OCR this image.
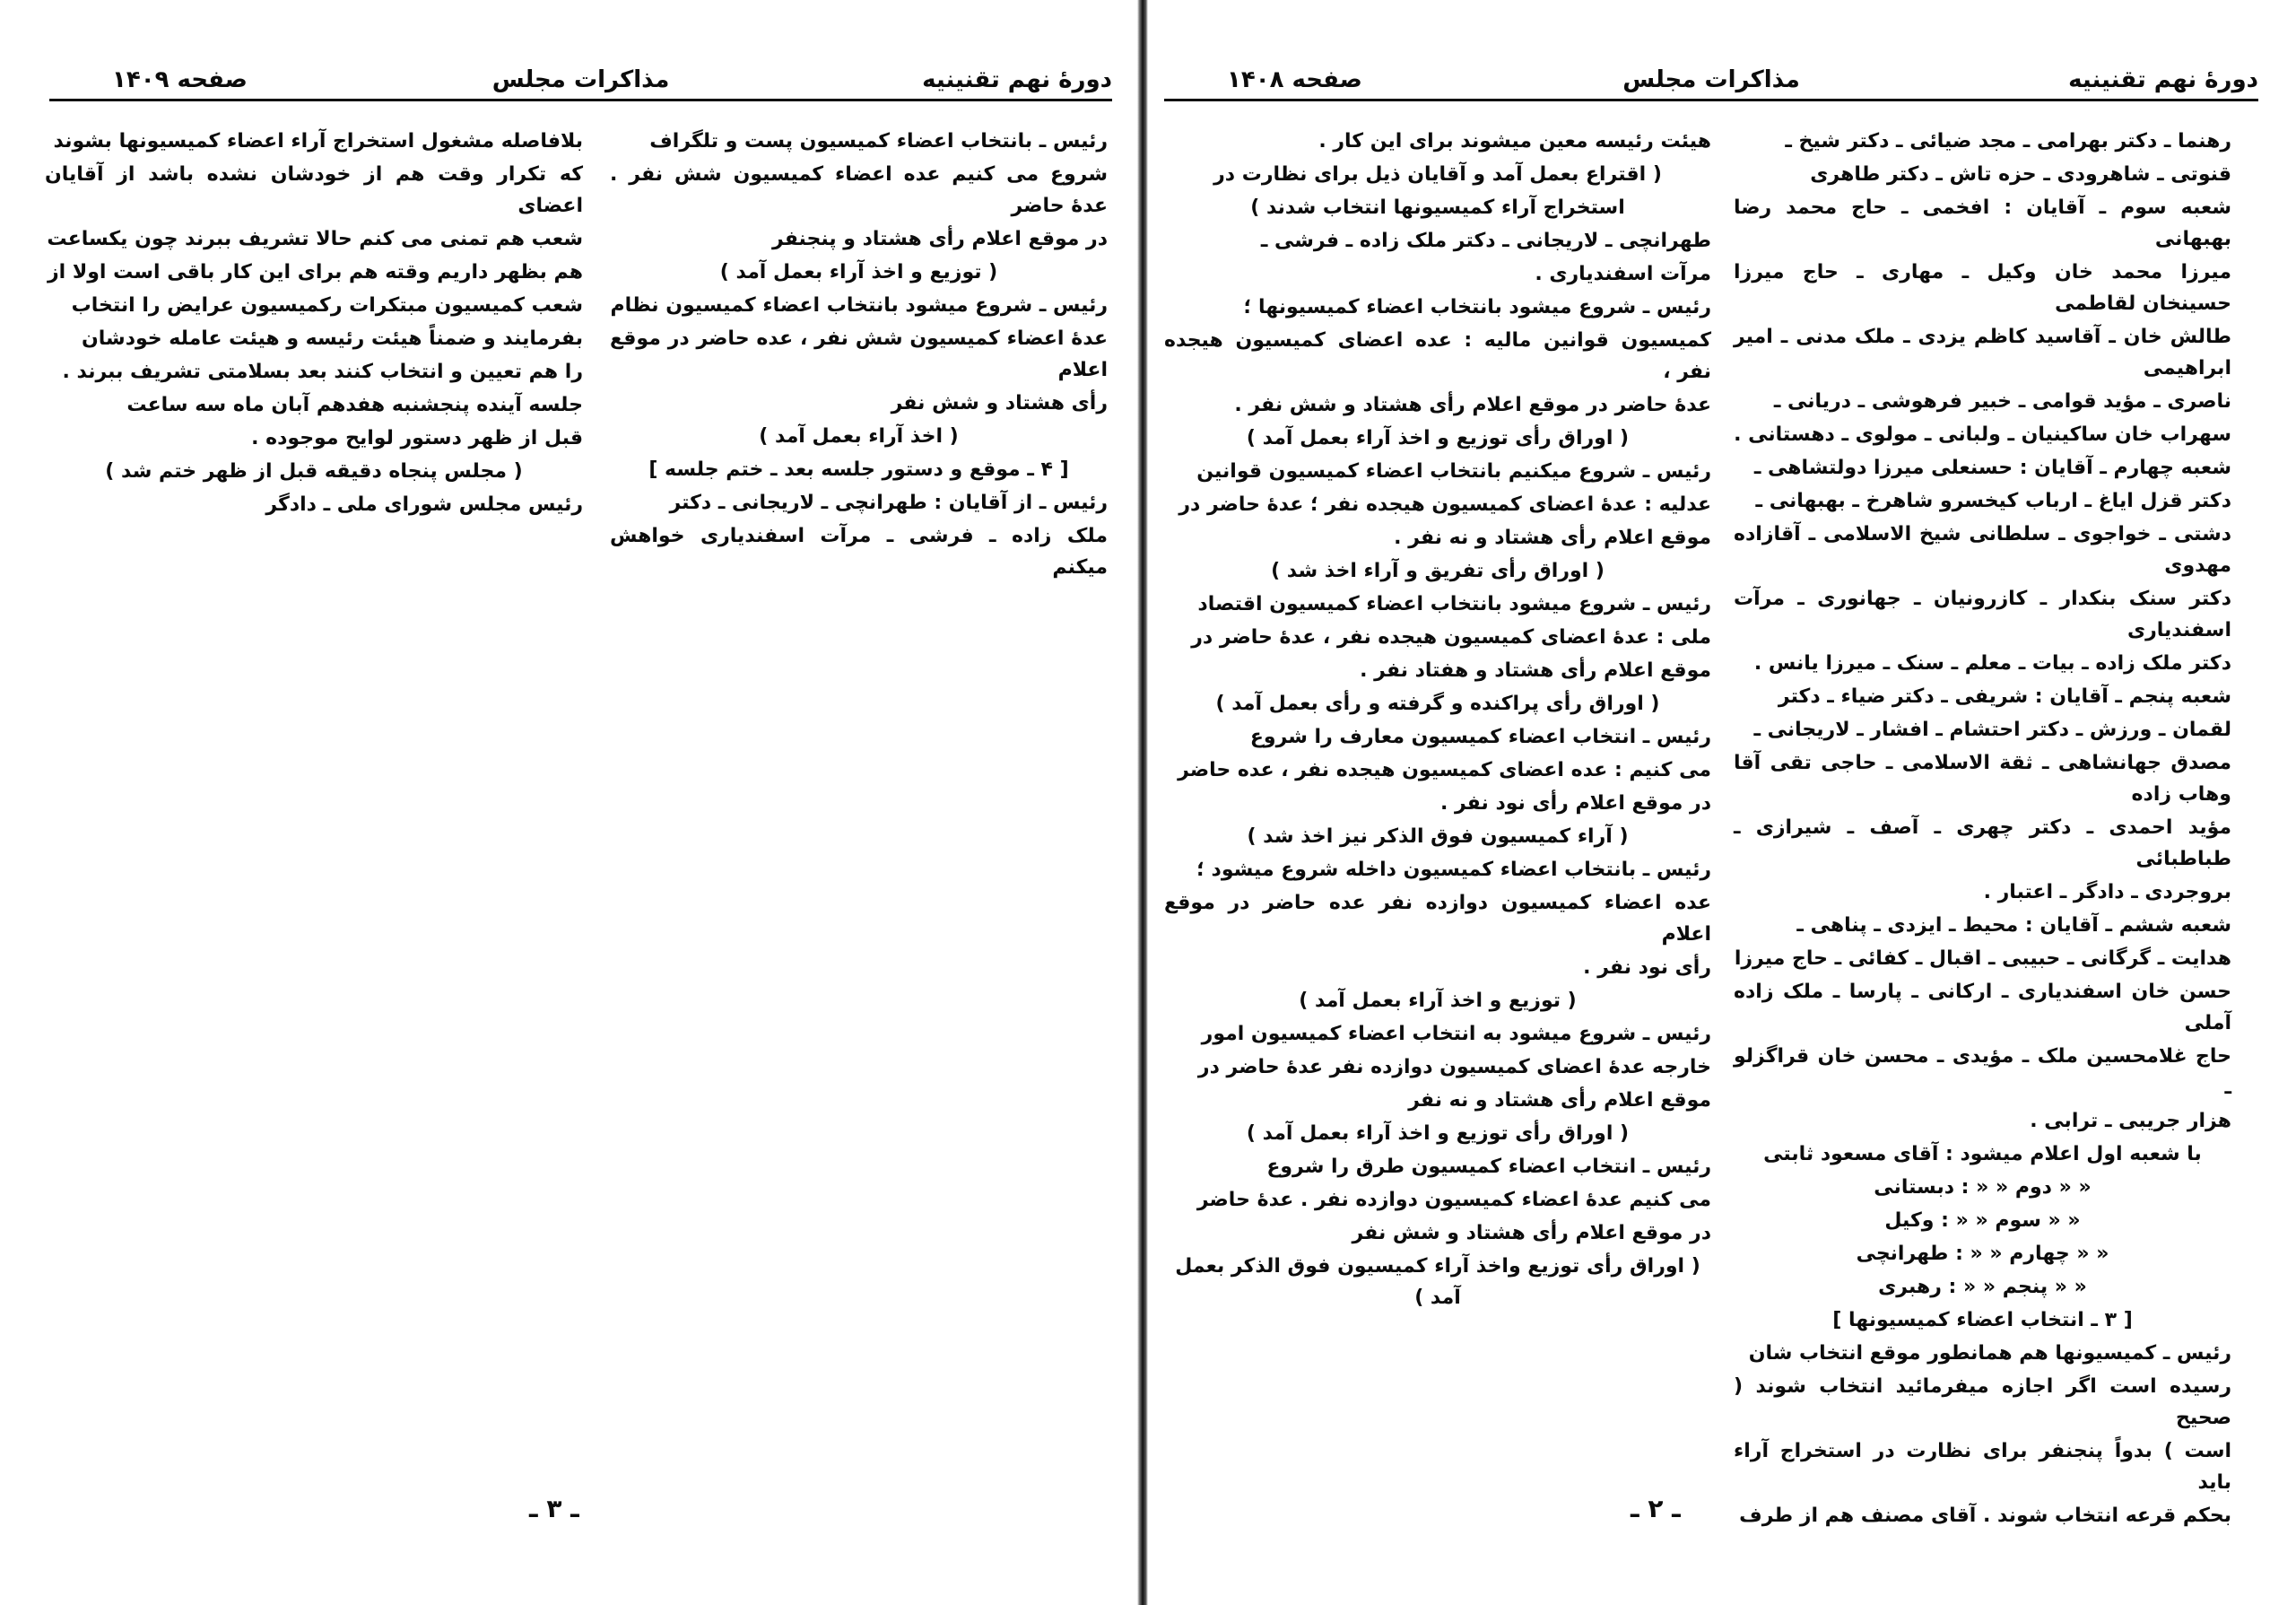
صفحه ۱۴۰۹	مذاکرات مجلس	دورهٔ نهم تقنینیه

رئیس ـ بانتخاب اعضاء کمیسیون پست و تلگراف

شروع می کنیم عده اعضاء کمیسیون شش نفر . عدهٔ حاضر

در موقع اعلام رأی هشتاد و پنجنفر

( توزیع و اخذ آراء بعمل آمد )

رئیس ـ شروع میشود بانتخاب اعضاء کمیسیون نظام

عدهٔ اعضاء کمیسیون شش نفر ، عده حاضر در موقع اعلام

رأی هشتاد و شش نفر

( اخذ آراء بعمل آمد )

[ ۴ ـ موقع و دستور جلسه بعد ـ ختم جلسه ]

رئیس ـ از آقایان : طهرانچی ـ لاریجانی ـ دکتر

ملک زاده ـ فرشی ـ مرآت اسفندیاری خواهش میکنم

بلافاصله مشغول استخراج آراء اعضاء کمیسیونها بشوند

که تکرار وقت هم از خودشان نشده باشد از آقایان اعضای

شعب هم تمنی می کنم حالا تشریف ببرند چون یکساعت

هم بظهر داریم وقته هم برای این کار باقی است اولا از

شعب کمیسیون مبتکرات رکمیسیون عرایض را انتخاب

بفرمایند و ضمناً هیئت رئیسه و هیئت عامله خودشان

را هم تعیین و انتخاب کنند بعد بسلامتی تشریف ببرند .

جلسه آینده پنجشنبه هفدهم آبان ماه سه ساعت

قبل از ظهر دستور لوایح موجوده .

( مجلس پنجاه دقیقه قبل از ظهر ختم شد )

رئیس مجلس شورای ملی ـ دادگر

ـ ۳ ـ
صفحه ۱۴۰۸	مذاکرات مجلس	دورهٔ نهم تقنینیه

هیئت رئیسه معین میشوند برای این کار .

( اقتراع بعمل آمد و آقایان ذیل برای نظارت در

استخراج آراء کمیسیونها انتخاب شدند )

طهرانچی ـ لاریجانی ـ دکتر ملک زاده ـ فرشی ـ

مرآت اسفندیاری .

رئیس ـ شروع میشود بانتخاب اعضاء کمیسیونها ؛

کمیسیون قوانین مالیه : عده اعضای کمیسیون هیجده نفر ،

عدهٔ حاضر در موقع اعلام رأی هشتاد و شش نفر .

( اوراق رأی توزیع و اخذ آراء بعمل آمد )

رئیس ـ شروع میکنیم بانتخاب اعضاء کمیسیون قوانین

عدلیه : عدهٔ اعضای کمیسیون هیجده نفر ؛ عدهٔ حاضر در

موقع اعلام رأی هشتاد و نه نفر .

( اوراق رأی تفریق و آراء اخذ شد )

رئیس ـ شروع میشود بانتخاب اعضاء کمیسیون اقتصاد

ملی : عدهٔ اعضای کمیسیون هیجده نفر ، عدهٔ حاضر در

موقع اعلام رأی هشتاد و هفتاد نفر .

( اوراق رأی پراکنده و گرفته و رأی بعمل آمد )

رئیس ـ انتخاب اعضاء کمیسیون معارف را شروع

می کنیم : عده اعضای کمیسیون هیجده نفر ، عده حاضر

در موقع اعلام رأی نود نفر .

( آراء کمیسیون فوق الذکر نیز اخذ شد )

رئیس ـ بانتخاب اعضاء کمیسیون داخله شروع میشود ؛

عده اعضاء کمیسیون دوازده نفر عده حاضر در موقع اعلام

رأی نود نفر .

( توزیع و اخذ آراء بعمل آمد )

رئیس ـ شروع میشود به انتخاب اعضاء کمیسیون امور

خارجه عدهٔ اعضای کمیسیون دوازده نفر عدهٔ حاضر در

موقع اعلام رأی هشتاد و نه نفر

( اوراق رأی توزیع و اخذ آراء بعمل آمد )

رئیس ـ انتخاب اعضاء کمیسیون طرق را شروع

می کنیم عدهٔ اعضاء کمیسیون دوازده نفر . عدهٔ حاضر

در موقع اعلام رأی هشتاد و شش نفر

( اوراق رأی توزیع واخذ آراء کمیسیون فوق الذکر بعمل آمد )

رهنما ـ دکتر بهرامی ـ مجد ضیائی ـ دکتر شیخ ـ

قنوتی ـ شاهرودی ـ حزه تاش ـ دکتر طاهری

شعبه سوم ـ آقایان : افخمی ـ حاج محمد رضا بهبهانی

میرزا محمد خان وکیل ـ مهاری ـ حاج میرزا حسینخان لقاطمی

طالش خان ـ آقاسید کاظم یزدی ـ ملک مدنی ـ امیر ابراهیمی

ناصری ـ مؤید قوامی ـ خبیر فرهوشی ـ دریانی ـ

سهراب خان ساکینیان ـ ولبانی ـ مولوی ـ دهستانی .

شعبه چهارم ـ آقایان : حسنعلی میرزا دولتشاهی ـ

دکتر قزل ایاغ ـ ارباب کیخسرو شاهرخ ـ بهبهانی ـ

دشتی ـ خواجوی ـ سلطانی شیخ الاسلامی ـ آقازاده مهدوی

دکتر سنک بنکدار ـ کازرونیان ـ جهانوری ـ مرآت اسفندیاری

دکتر ملک زاده ـ بیات ـ معلم ـ سنک ـ میرزا یانس .

شعبه پنجم ـ آقایان : شریفی ـ دکتر ضیاء ـ دکتر

لقمان ـ ورزش ـ دکتر احتشام ـ افشار ـ لاریجانی ـ

مصدق جهانشاهی ـ ثقة الاسلامی ـ حاجی تقی آقا وهاب زاده

مؤید احمدی ـ دکتر چهری ـ آصف ـ شیرازی ـ طباطبائی

بروجردی ـ دادگر ـ اعتبار .

شعبه ششم ـ آقایان : محیط ـ ایزدی ـ پناهی ـ

هدایت ـ گرگانی ـ حبیبی ـ اقبال ـ کفائی ـ حاج میرزا

حسن خان اسفندیاری ـ ارکانی ـ پارسا ـ ملک زاده آملی

حاج غلامحسین ملک ـ مؤیدی ـ محسن خان قراگزلو ـ

هزار جریبی ـ ترابی .

با شعبه اول اعلام میشود : آقای مسعود ثابتی

« « دوم « « : دبستانی

« « سوم « « : وکیل

« « چهارم « « : طهرانچی

« « پنجم « « : رهبری

[ ۳ ـ انتخاب اعضاء کمیسیونها ]

رئیس ـ کمیسیونها هم همانطور موقع انتخاب شان

رسیده است اگر اجازه میفرمائید انتخاب شوند ( صحیح

است ) بدواً پنجنفر برای نظارت در استخراج آراء باید

بحکم قرعه انتخاب شوند . آقای مصنف هم از طرف

ـ ۲ ـ
